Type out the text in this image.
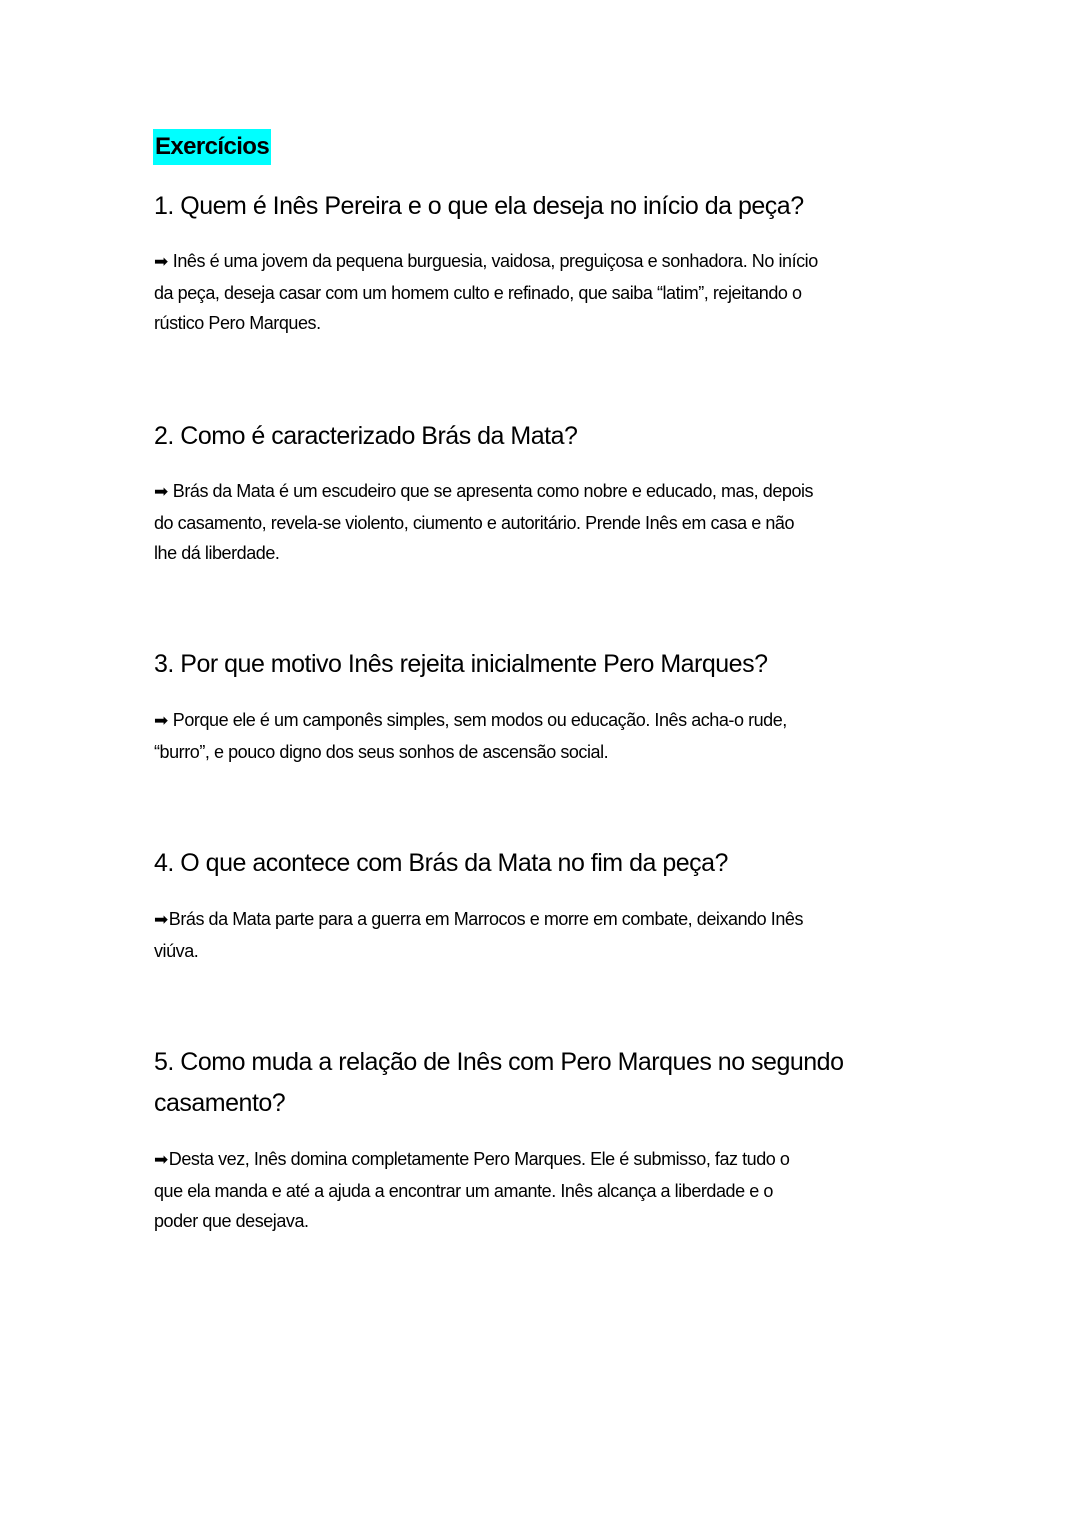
Exercícios
1. Quem é Inês Pereira e o que ela deseja no início da peça?
➡ Inês é uma jovem da pequena burguesia, vaidosa, preguiçosa e sonhadora. No início
da peça, deseja casar com um homem culto e refinado, que saiba “latim”, rejeitando o
rústico Pero Marques.
2. Como é caracterizado Brás da Mata?
➡ Brás da Mata é um escudeiro que se apresenta como nobre e educado, mas, depois
do casamento, revela-se violento, ciumento e autoritário. Prende Inês em casa e não
lhe dá liberdade.
3. Por que motivo Inês rejeita inicialmente Pero Marques?
➡ Porque ele é um camponês simples, sem modos ou educação. Inês acha-o rude,
“burro”, e pouco digno dos seus sonhos de ascensão social.
4. O que acontece com Brás da Mata no fim da peça?
➡Brás da Mata parte para a guerra em Marrocos e morre em combate, deixando Inês
viúva.
5. Como muda a relação de Inês com Pero Marques no segundo
casamento?
➡Desta vez, Inês domina completamente Pero Marques. Ele é submisso, faz tudo o
que ela manda e até a ajuda a encontrar um amante. Inês alcança a liberdade e o
poder que desejava.
